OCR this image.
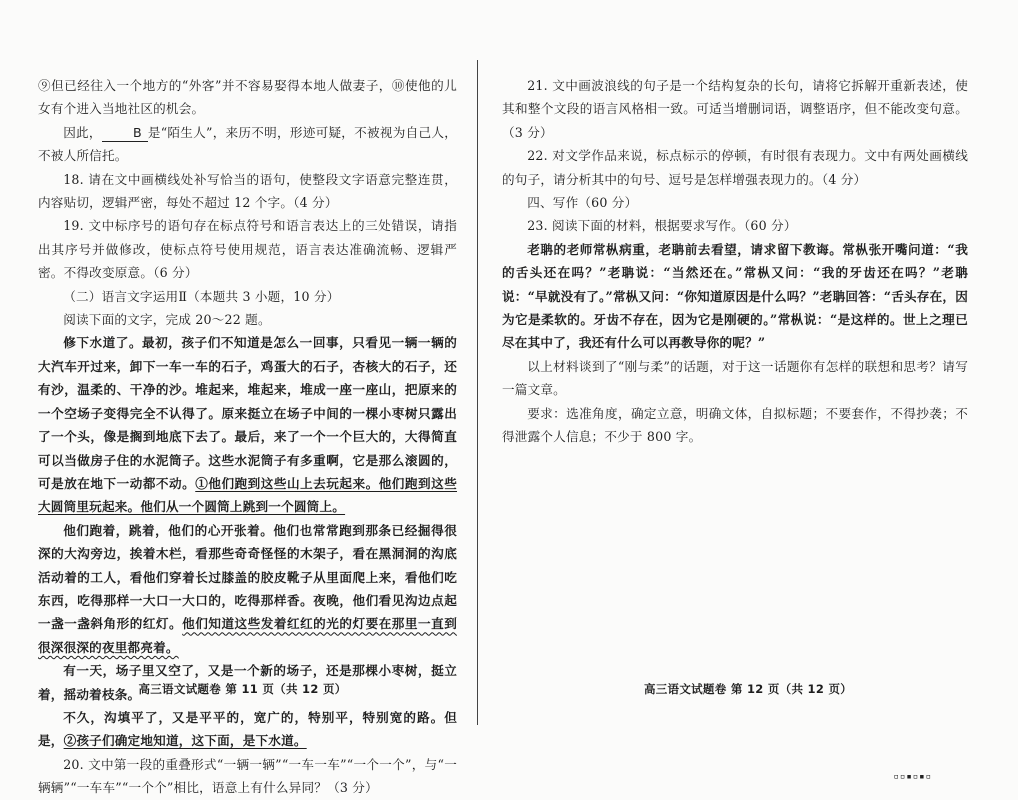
⑨但已经往入一个地方的“外客”并不容易娶得本地人做妻子，⑩使他的儿女有个进入当地社区的机会。

因此， B 是“陌生人”，来历不明，形迹可疑，不被视为自己人，不被人所信托。

18. 请在文中画横线处补写恰当的语句，使整段文字语意完整连贯，内容贴切，逻辑严密，每处不超过 12 个字。（4 分）

19. 文中标序号的语句存在标点符号和语言表达上的三处错误，请指出其序号并做修改，使标点符号使用规范，语言表达准确流畅、逻辑严密。不得改变原意。（6 分）

（二）语言文字运用Ⅱ（本题共 3 小题，10 分）

阅读下面的文字，完成 20～22 题。

修下水道了。最初，孩子们不知道是怎么一回事，只看见一辆一辆的大汽车开过来，卸下一车一车的石子，鸡蛋大的石子，杏核大的石子，还有沙，温柔的、干净的沙。堆起来，堆起来，堆成一座一座山，把原来的一个空场子变得完全不认得了。原来挺立在场子中间的一棵小枣树只露出了一个头，像是搁到地底下去了。最后，来了一个一个巨大的，大得简直可以当做房子住的水泥筒子。这些水泥筒子有多重啊，它是那么滚圆的，可是放在地下一动都不动。①他们跑到这些山上去玩起来。他们跑到这些大圆筒里玩起来。他们从一个圆筒上跳到一个圆筒上。

他们跑着，跳着，他们的心开张着。他们也常常跑到那条已经掘得很深的大沟旁边，挨着木栏，看那些奇奇怪怪的木架子，看在黑洞洞的沟底活动着的工人，看他们穿着长过膝盖的胶皮靴子从里面爬上来，看他们吃东西，吃得那样一大口一大口的，吃得那样香。夜晚，他们看见沟边点起一盏一盏斜角形的红灯。他们知道这些发着红红的光的灯要在那里一直到很深很深的夜里都亮着。

有一天，场子里又空了，又是一个新的场子，还是那棵小枣树，挺立着，摇动着枝条。

不久，沟填平了，又是平平的，宽广的，特别平，特别宽的路。但是，②孩子们确定地知道，这下面，是下水道。

20. 文中第一段的重叠形式“一辆一辆”“一车一车”“一个一个”，与“一辆辆”“一车车”“一个个”相比，语意上有什么异同？（3 分）

高三语文试题卷 第 11 页（共 12 页）

21. 文中画波浪线的句子是一个结构复杂的长句，请将它拆解开重新表述，使其和整个文段的语言风格相一致。可适当增删词语，调整语序，但不能改变句意。（3 分）

22. 对文学作品来说，标点标示的停顿，有时很有表现力。文中有两处画横线的句子，请分析其中的句号、逗号是怎样增强表现力的。（4 分）

四、写作（60 分）

23. 阅读下面的材料，根据要求写作。（60 分）

老聃的老师常枞病重，老聃前去看望，请求留下教诲。常枞张开嘴问道：“我的舌头还在吗？”老聃说：“当然还在。”常枞又问：“我的牙齿还在吗？”老聃说：“早就没有了。”常枞又问：“你知道原因是什么吗？”老聃回答：“舌头存在，因为它是柔软的。牙齿不存在，因为它是刚硬的。”常枞说：“是这样的。世上之理已尽在其中了，我还有什么可以再教导你的呢？”

以上材料谈到了“刚与柔”的话题，对于这一话题你有怎样的联想和思考？请写一篇文章。

要求：选准角度，确定立意，明确文体，自拟标题；不要套作，不得抄袭；不得泄露个人信息；不少于 800 字。

高三语文试题卷 第 12 页（共 12 页）
▫▫▪▫▪▫
